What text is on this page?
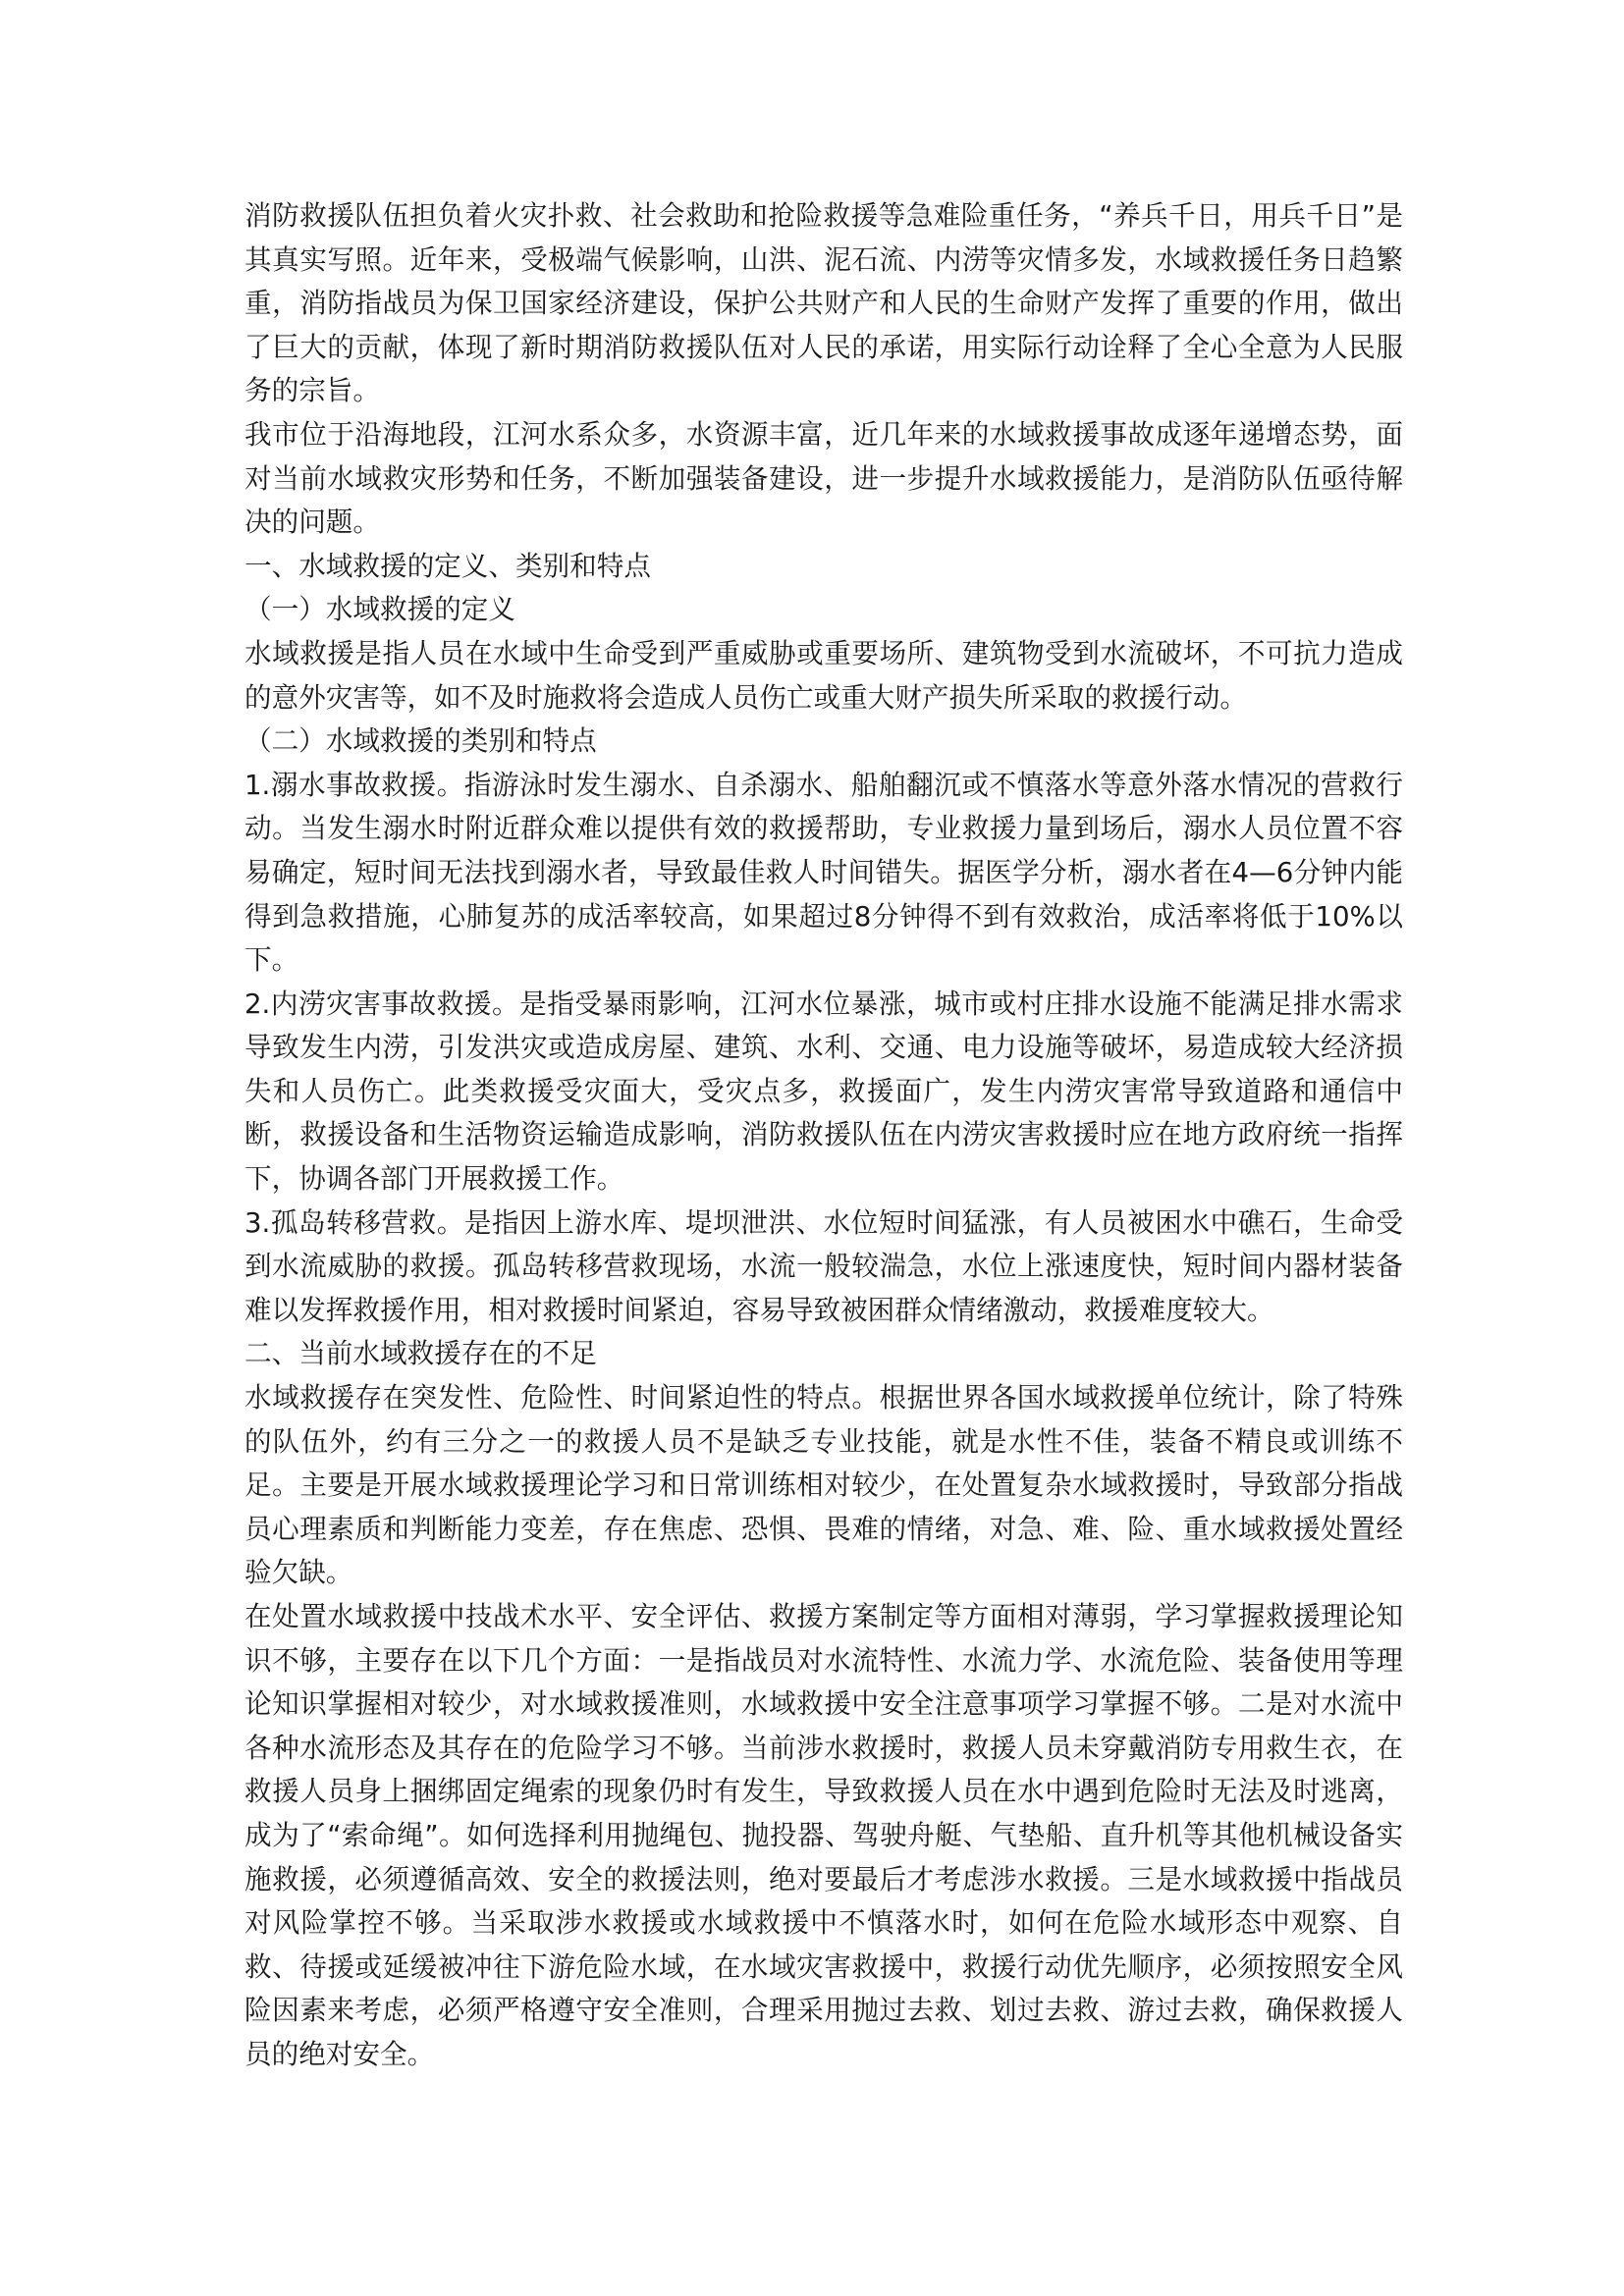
消防救援队伍担负着火灾扑救、社会救助和抢险救援等急难险重任务，“养兵千日，用兵千日”是其真实写照。近年来，受极端气候影响，山洪、泥石流、内涝等灾情多发，水域救援任务日趋繁重，消防指战员为保卫国家经济建设，保护公共财产和人民的生命财产发挥了重要的作用，做出了巨大的贡献，体现了新时期消防救援队伍对人民的承诺，用实际行动诠释了全心全意为人民服务的宗旨。

我市位于沿海地段，江河水系众多，水资源丰富，近几年来的水域救援事故成逐年递增态势，面对当前水域救灾形势和任务，不断加强装备建设，进一步提升水域救援能力，是消防队伍亟待解决的问题。

一、水域救援的定义、类别和特点

（一）水域救援的定义

水域救援是指人员在水域中生命受到严重威胁或重要场所、建筑物受到水流破坏，不可抗力造成的意外灾害等，如不及时施救将会造成人员伤亡或重大财产损失所采取的救援行动。

（二）水域救援的类别和特点

1.溺水事故救援。指游泳时发生溺水、自杀溺水、船舶翻沉或不慎落水等意外落水情况的营救行动。当发生溺水时附近群众难以提供有效的救援帮助，专业救援力量到场后，溺水人员位置不容易确定，短时间无法找到溺水者，导致最佳救人时间错失。据医学分析，溺水者在4—6分钟内能得到急救措施，心肺复苏的成活率较高，如果超过8分钟得不到有效救治，成活率将低于10%以下。

2.内涝灾害事故救援。是指受暴雨影响，江河水位暴涨，城市或村庄排水设施不能满足排水需求导致发生内涝，引发洪灾或造成房屋、建筑、水利、交通、电力设施等破坏，易造成较大经济损失和人员伤亡。此类救援受灾面大，受灾点多，救援面广，发生内涝灾害常导致道路和通信中断，救援设备和生活物资运输造成影响，消防救援队伍在内涝灾害救援时应在地方政府统一指挥下，协调各部门开展救援工作。

3.孤岛转移营救。是指因上游水库、堤坝泄洪、水位短时间猛涨，有人员被困水中礁石，生命受到水流威胁的救援。孤岛转移营救现场，水流一般较湍急，水位上涨速度快，短时间内器材装备难以发挥救援作用，相对救援时间紧迫，容易导致被困群众情绪激动，救援难度较大。

二、当前水域救援存在的不足

水域救援存在突发性、危险性、时间紧迫性的特点。根据世界各国水域救援单位统计，除了特殊的队伍外，约有三分之一的救援人员不是缺乏专业技能，就是水性不佳，装备不精良或训练不足。主要是开展水域救援理论学习和日常训练相对较少，在处置复杂水域救援时，导致部分指战员心理素质和判断能力变差，存在焦虑、恐惧、畏难的情绪，对急、难、险、重水域救援处置经验欠缺。

在处置水域救援中技战术水平、安全评估、救援方案制定等方面相对薄弱，学习掌握救援理论知识不够，主要存在以下几个方面：一是指战员对水流特性、水流力学、水流危险、装备使用等理论知识掌握相对较少，对水域救援准则，水域救援中安全注意事项学习掌握不够。二是对水流中各种水流形态及其存在的危险学习不够。当前涉水救援时，救援人员未穿戴消防专用救生衣，在救援人员身上捆绑固定绳索的现象仍时有发生，导致救援人员在水中遇到危险时无法及时逃离，成为了“索命绳”。如何选择利用抛绳包、抛投器、驾驶舟艇、气垫船、直升机等其他机械设备实施救援，必须遵循高效、安全的救援法则，绝对要最后才考虑涉水救援。三是水域救援中指战员对风险掌控不够。当采取涉水救援或水域救援中不慎落水时，如何在危险水域形态中观察、自救、待援或延缓被冲往下游危险水域，在水域灾害救援中，救援行动优先顺序，必须按照安全风险因素来考虑，必须严格遵守安全准则，合理采用抛过去救、划过去救、游过去救，确保救援人员的绝对安全。
